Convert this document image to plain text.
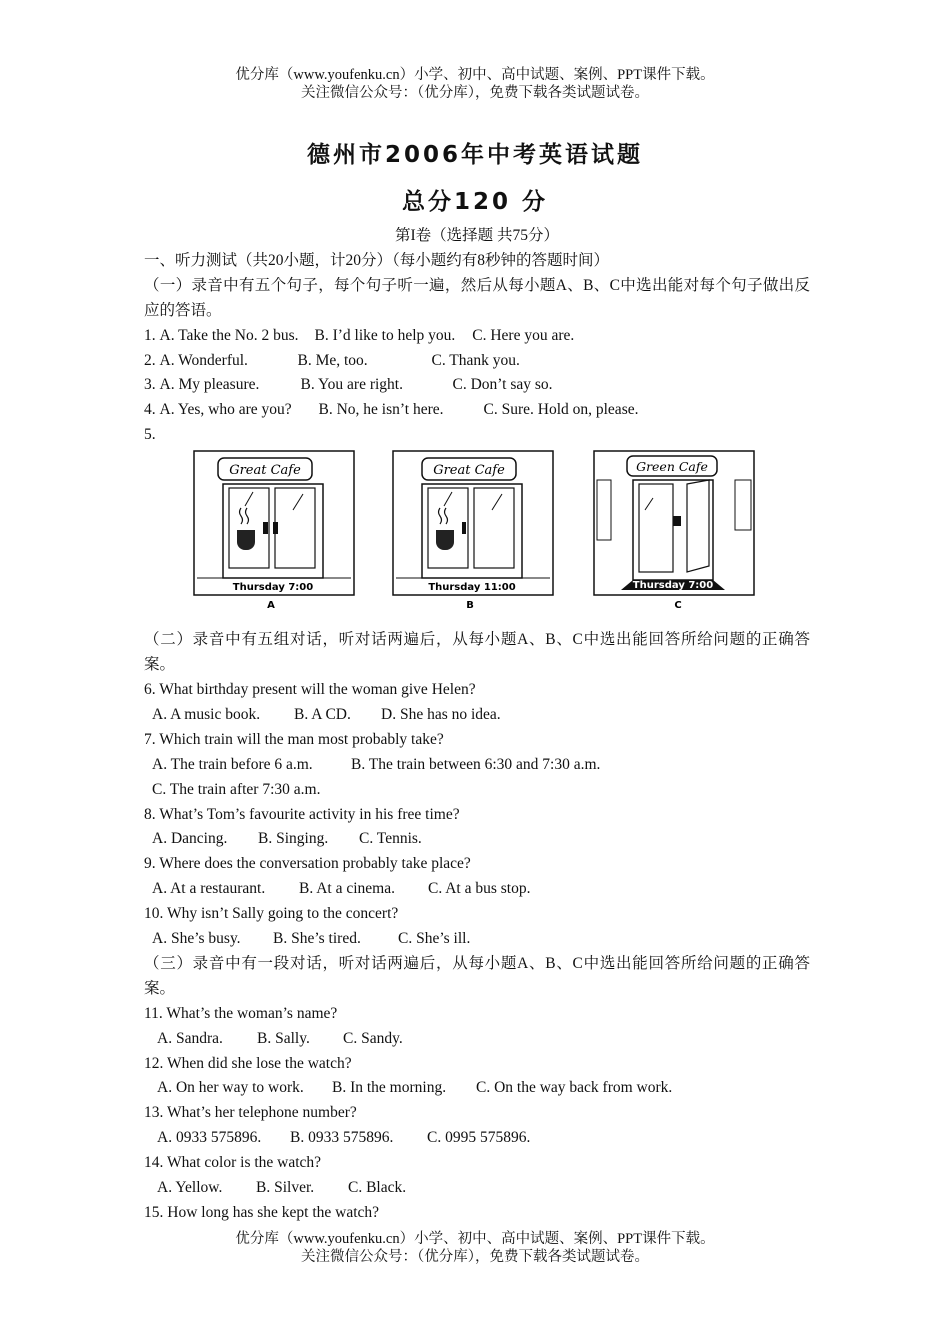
优分库（www.youfenku.cn）小学、初中、高中试题、案例、PPT课件下载。
关注微信公众号：（优分库），免费下载各类试题试卷。
德州市2006年中考英语试题
总分120 分

第I卷（选择题 共75分）

一、听力测试（共20小题，计20分）（每小题约有8秒钟的答题时间）

（一）录音中有五个句子，每个句子听一遍，然后从每小题A、B、C中选出能对每个句子做出反应的答语。

1. A. Take the No. 2 bus. B. I’d like to help you. C. Here you are.

2. A. Wonderful.	B. Me, too.	C. Thank you.

3. A. My pleasure.	B. You are right.	C. Don’t say so.

4. A. Yes, who are you? B. No, he isn’t here.	C. Sure. Hold on, please.

5.

Great Cafe
Thursday 7:00
A
Great Cafe
Thursday 11:00
B
Green Cafe
Thursday 7:00
C

（二）录音中有五组对话，听对话两遍后，从每小题A、B、C中选出能回答所给问题的正确答案。

6. What birthday present will the woman give Helen?

A. A music book. B. A CD. D. She has no idea.

7. Which train will the man most probably take?

A. The train before 6 a.m. B. The train between 6:30 and 7:30 a.m.

C. The train after 7:30 a.m.

8. What’s Tom’s favourite activity in his free time?

A. Dancing. B. Singing. C. Tennis.

9. Where does the conversation probably take place?

A. At a restaurant. B. At a cinema. C. At a bus stop.

10. Why isn’t Sally going to the concert?

A. She’s busy. B. She’s tired. C. She’s ill.

（三）录音中有一段对话，听对话两遍后，从每小题A、B、C中选出能回答所给问题的正确答案。

11. What’s the woman’s name?

A. Sandra. B. Sally. C. Sandy.

12. When did she lose the watch?

A. On her way to work. B. In the morning. C. On the way back from work.

13. What’s her telephone number?

A. 0933 575896. B. 0933 575896. C. 0995 575896.

14. What color is the watch?

A. Yellow. B. Silver. C. Black.

15. How long has she kept the watch?

优分库（www.youfenku.cn）小学、初中、高中试题、案例、PPT课件下载。
关注微信公众号：（优分库），免费下载各类试题试卷。
